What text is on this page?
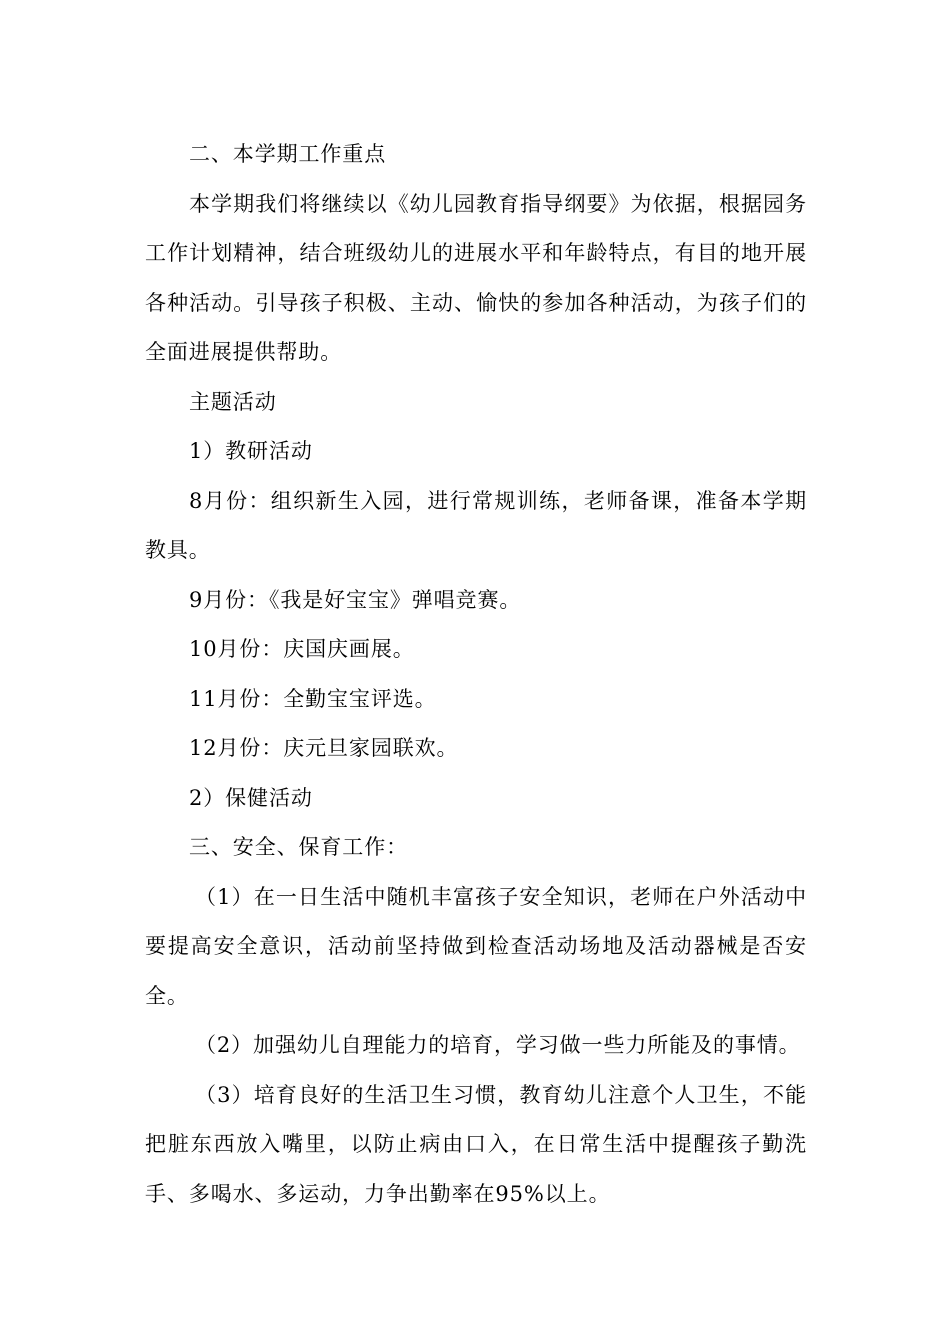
二、本学期工作重点

本学期我们将继续以《幼儿园教育指导纲要》为依据，根据园务工作计划精神，结合班级幼儿的进展水平和年龄特点，有目的地开展各种活动。引导孩子积极、主动、愉快的参加各种活动，为孩子们的全面进展提供帮助。

主题活动

1）教研活动

8月份：组织新生入园，进行常规训练，老师备课，准备本学期教具。

9月份：《我是好宝宝》弹唱竞赛。

10月份：庆国庆画展。

11月份：全勤宝宝评选。

12月份：庆元旦家园联欢。

2）保健活动

三、安全、保育工作：

（1）在一日生活中随机丰富孩子安全知识，老师在户外活动中要提高安全意识，活动前坚持做到检查活动场地及活动器械是否安全。

（2）加强幼儿自理能力的培育，学习做一些力所能及的事情。

（3）培育良好的生活卫生习惯，教育幼儿注意个人卫生，不能把脏东西放入嘴里，以防止病由口入，在日常生活中提醒孩子勤洗手、多喝水、多运动，力争出勤率在95%以上。
